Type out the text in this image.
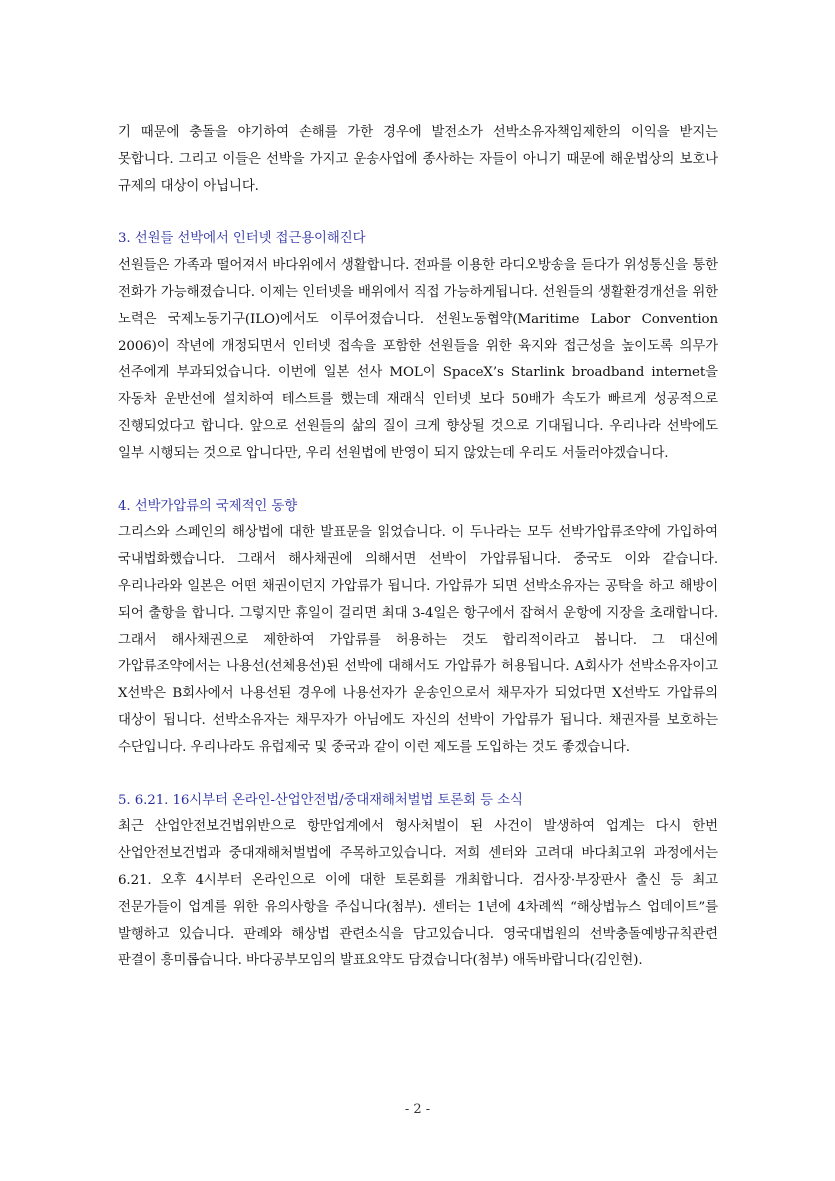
기 때문에 충돌을 야기하여 손해를 가한 경우에 발전소가 선박소유자책임제한의 이익을 받지는 못합니다. 그리고 이들은 선박을 가지고 운송사업에 종사하는 자들이 아니기 때문에 해운법상의 보호나 규제의 대상이 아닙니다.

3. 선원들 선박에서 인터넷 접근용이해진다

선원들은 가족과 떨어져서 바다위에서 생활합니다. 전파를 이용한 라디오방송을 듣다가 위성통신을 통한 전화가 가능해졌습니다. 이제는 인터넷을 배위에서 직접 가능하게됩니다. 선원들의 생활환경개선을 위한 노력은 국제노동기구(ILO)에서도 이루어졌습니다. 선원노동협약(Maritime Labor Convention 2006)이 작년에 개정되면서 인터넷 접속을 포함한 선원들을 위한 육지와 접근성을 높이도록 의무가 선주에게 부과되었습니다. 이번에 일본 선사 MOL이 SpaceX’s Starlink broadband internet을 자동차 운반선에 설치하여 테스트를 했는데 재래식 인터넷 보다 50배가 속도가 빠르게 성공적으로 진행되었다고 합니다. 앞으로 선원들의 삶의 질이 크게 향상될 것으로 기대됩니다. 우리나라 선박에도 일부 시행되는 것으로 압니다만, 우리 선원법에 반영이 되지 않았는데 우리도 서둘러야겠습니다.

4. 선박가압류의 국제적인 동향

그리스와 스페인의 해상법에 대한 발표문을 읽었습니다. 이 두나라는 모두 선박가압류조약에 가입하여 국내법화했습니다. 그래서 해사채권에 의해서면 선박이 가압류됩니다. 중국도 이와 같습니다. 우리나라와 일본은 어떤 채권이던지 가압류가 됩니다. 가압류가 되면 선박소유자는 공탁을 하고 해방이 되어 출항을 합니다. 그렇지만 휴일이 걸리면 최대 3-4일은 항구에서 잡혀서 운항에 지장을 초래합니다. 그래서 해사채권으로 제한하여 가압류를 허용하는 것도 합리적이라고 봅니다. 그 대신에 가압류조약에서는 나용선(선체용선)된 선박에 대해서도 가압류가 허용됩니다. A회사가 선박소유자이고 X선박은 B회사에서 나용선된 경우에 나용선자가 운송인으로서 채무자가 되었다면 X선박도 가압류의 대상이 됩니다. 선박소유자는 채무자가 아님에도 자신의 선박이 가압류가 됩니다. 채권자를 보호하는 수단입니다. 우리나라도 유럽제국 및 중국과 같이 이런 제도를 도입하는 것도 좋겠습니다.

5. 6.21. 16시부터 온라인-산업안전법/중대재해처벌법 토론회 등 소식

최근 산업안전보건법위반으로 항만업계에서 형사처벌이 된 사건이 발생하여 업계는 다시 한번 산업안전보건법과 중대재해처벌법에 주목하고있습니다. 저희 센터와 고려대 바다최고위 과정에서는 6.21. 오후 4시부터 온라인으로 이에 대한 토론회를 개최합니다. 검사장·부장판사 출신 등 최고 전문가들이 업계를 위한 유의사항을 주십니다(첨부). 센터는 1년에 4차례씩 “해상법뉴스 업데이트”를 발행하고 있습니다. 판례와 해상법 관련소식을 담고있습니다. 영국대법원의 선박충돌예방규칙관련 판결이 흥미롭습니다. 바다공부모임의 발표요약도 담겼습니다(첨부) 애독바랍니다(김인현).

- 2 -
